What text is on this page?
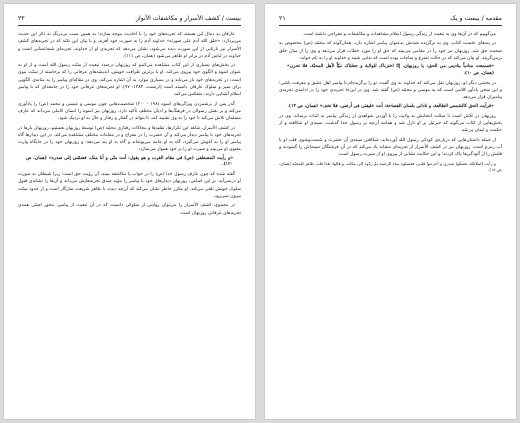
بیست / کشف الأسرار و مکاشفات الأنوار
۲۲

عارفان به دنبال این هستند که تجربه‌های خود را با احادیث موجه سازند؛ به همین سبب بی‌درنگ به ذکر این حدیث می‌پردازد: «خلق الله آدم علی صورته» خداوند آدم را به صورت خود آفرید، و با بیان این نکته که در تجربه‌های کشف الأسرار نیز بازتابی از این صورت دیده می‌شود، نشان می‌دهد که تجربه‌ی او از خداوند، تجربه‌ای شبه‌انسانی است و خداوند در لباس آدم در برابر او ظاهر می‌شود (همان، ص ۱۱۱).

در بخش‌های بسیاری از این کتاب مشاهده می‌کنیم که روزبهان درصدد تبعیت از سنّت رسول الله است و از او به عنوان اسوه و الگوی خود پیروی می‌کند. او با برترین ظرافت خویش، اندیشه‌های عرفانی را که برخاسته از سنّت نبوی است، در تجربه‌های خود باز می‌تابد و در بسیاری موارد به آن اشاره می‌کند. وی در مقاله‌ای پیامبر را به مثابه‌ی الگویی برای سیر و سلوک عارفان دانسته است (ارنست، ۱۳۸۳: ۹۷). او تجربه‌های عرفانی خود را در جامعه‌ای که با پیامبر اسلام آشنایی دارند، منعکس می‌کند.

گذر پس از برشمردن ویژگی‌های اسوه (۱۹۸ - ۲۰۰) شخصیت‌هایی چون موسی و عیسی و محمد (ص) را یادآوری می‌کند و بر نقش رسولان در فرهنگ‌ها و ادیان مختلف تأکید دارد. روزبهان نیز اسوه را انسان کاملی می‌داند که عارف مسلمان تلاش می‌کند تا خود را به وی تشبیه کند، تا بتواند در گفتار و رفتار و حال به او نزدیک شود.

در کشف الأسرار، شاهد این تکرارها، تقلیدها و محاکات رفتاری محمّد (ص) توسط روزبهان هستیم. روزبهان بارها در تجربه‌های خود با پیامبر دیدار می‌کند و آن حضرت را در معراج و در مقامات مختلف مشاهده می‌کند. در این دیدارها گاه پیامبر او را به آغوش می‌گیرد، گاه به او جامه می‌پوشاند و گاه به او پند می‌دهد؛ و روزبهان خود را در جایگاه وارث معنوی او می‌بیند و سیرت او را بر خود هموار می‌سازد:

«و رأیت المصطفی (ص) فی مقام القرب و هو یقول: أنت منّی و أنا منک، فضمّنی إلی صدره» (همان، ص ۱۲۰).

گفته شده که چون عارف رسول خدا (ص) را در خواب یا مکاشفه ببیند، آن رؤیت حق است؛ زیرا شیطان به صورت او درنمی‌آید. بر این اساس، روزبهان دیدارهای خود با پیامبر را مؤید صدق تجربه‌هایش می‌داند و آن‌ها را نشانه‌ی قبول سلوک خویش تلقی می‌کند. او مکرر خاطر نشان می‌کند که آن‌چه دیده، با ظاهر شریعت سازگار است و از حدود سنّت بیرون نمی‌رود.

در مجموع، کشف الأسرار را می‌توان روایتی از سلوکی دانست که در آن تبعیت از پیامبر، محور اصلی همه‌ی تجربه‌های عرفانی روزبهان است.

مقدمه / بیست و یک
۲۱

می‌گوییم که در آن‌ها وی به تبعیت از زندگی رسول اسلام مشاهدات و مکاشفات و معراجی داشته است.

در بندهای نخست کتاب، وی به برگزیده شدنش به‌عنوان پیامبر اشاره دارد. همان‌گونه که محمّد (ص) مخصوص به صحبت حق شد، روزبهان نیز خود را در مقامی می‌بیند که حق او را مورد خطاب قرار می‌دهد و وی را از میان خلق برمی‌گزیند. او بیان می‌کند که در حالت تضرع و مناجات بوده است که ندایی شنید و خداوند او را به نام خواند:

«فسمعت منادیاً ینادینی من الحق: یا روزبهان، إنّا اخترناک للولایة و جعلناک نبیّاً لأهل المحبّة، فلا تحزن» (همان، ص ۱۰).

در بخشی دیگر او، روزبهان نقل می‌کند که خداوند به وی گفت: تو را برگزیده‌ام تا پیامبر اهل عشق و معرفت باشی؛ و این سخن یادآور کلامی است که به موسی و محمّد (ص) گفته شد. وی در این‌جا تجربه‌ی خود را در ادامه‌ی تجربه‌ی پیامبران قرار می‌دهد.

«فرأیت الحق کالشمس الطالعة، و نادانی بلسان الفصاحة: أنت خلیفتی فی أرضی، فلا تخف» (همان، ص ۱۴).

روزبهان در تلاش است تا صحّت انتخابش به ولایت را با آوردن شواهدی از زندگی پیامبر به اثبات برساند. وی در بخش‌هایی از کتاب می‌گوید که جبرئیل بر او نازل شد و همانند آن‌چه بر رسول خدا گذشت، سینه‌ی او شکافته و از حکمت و ایمان پر شد.

از جمله داستان‌هایی که درباره‌ی کودکی رسول الله آورده‌اند، شکافتن سینه‌ی آن حضرت و شست‌وشوی قلب او با آب زمزم است. روزبهان نیز در کشف الأسرار از تجربه‌ای مشابه یاد می‌کند که در آن فرشتگان سینه‌اش را گشودند و قلبش را از آلودگی‌ها پاک کردند؛ و این حکایت نشانی از پیروی او از سیرت رسول است.

و رأیت الملائکة، فشقّوا صدری و أخرجوا قلبی، فغسلوه بماء الرحمة ثمّ ردّوه إلی مکانه، و قالوا: هذا قلب طاهر للمحبّة (همان، ص ۱۸).
